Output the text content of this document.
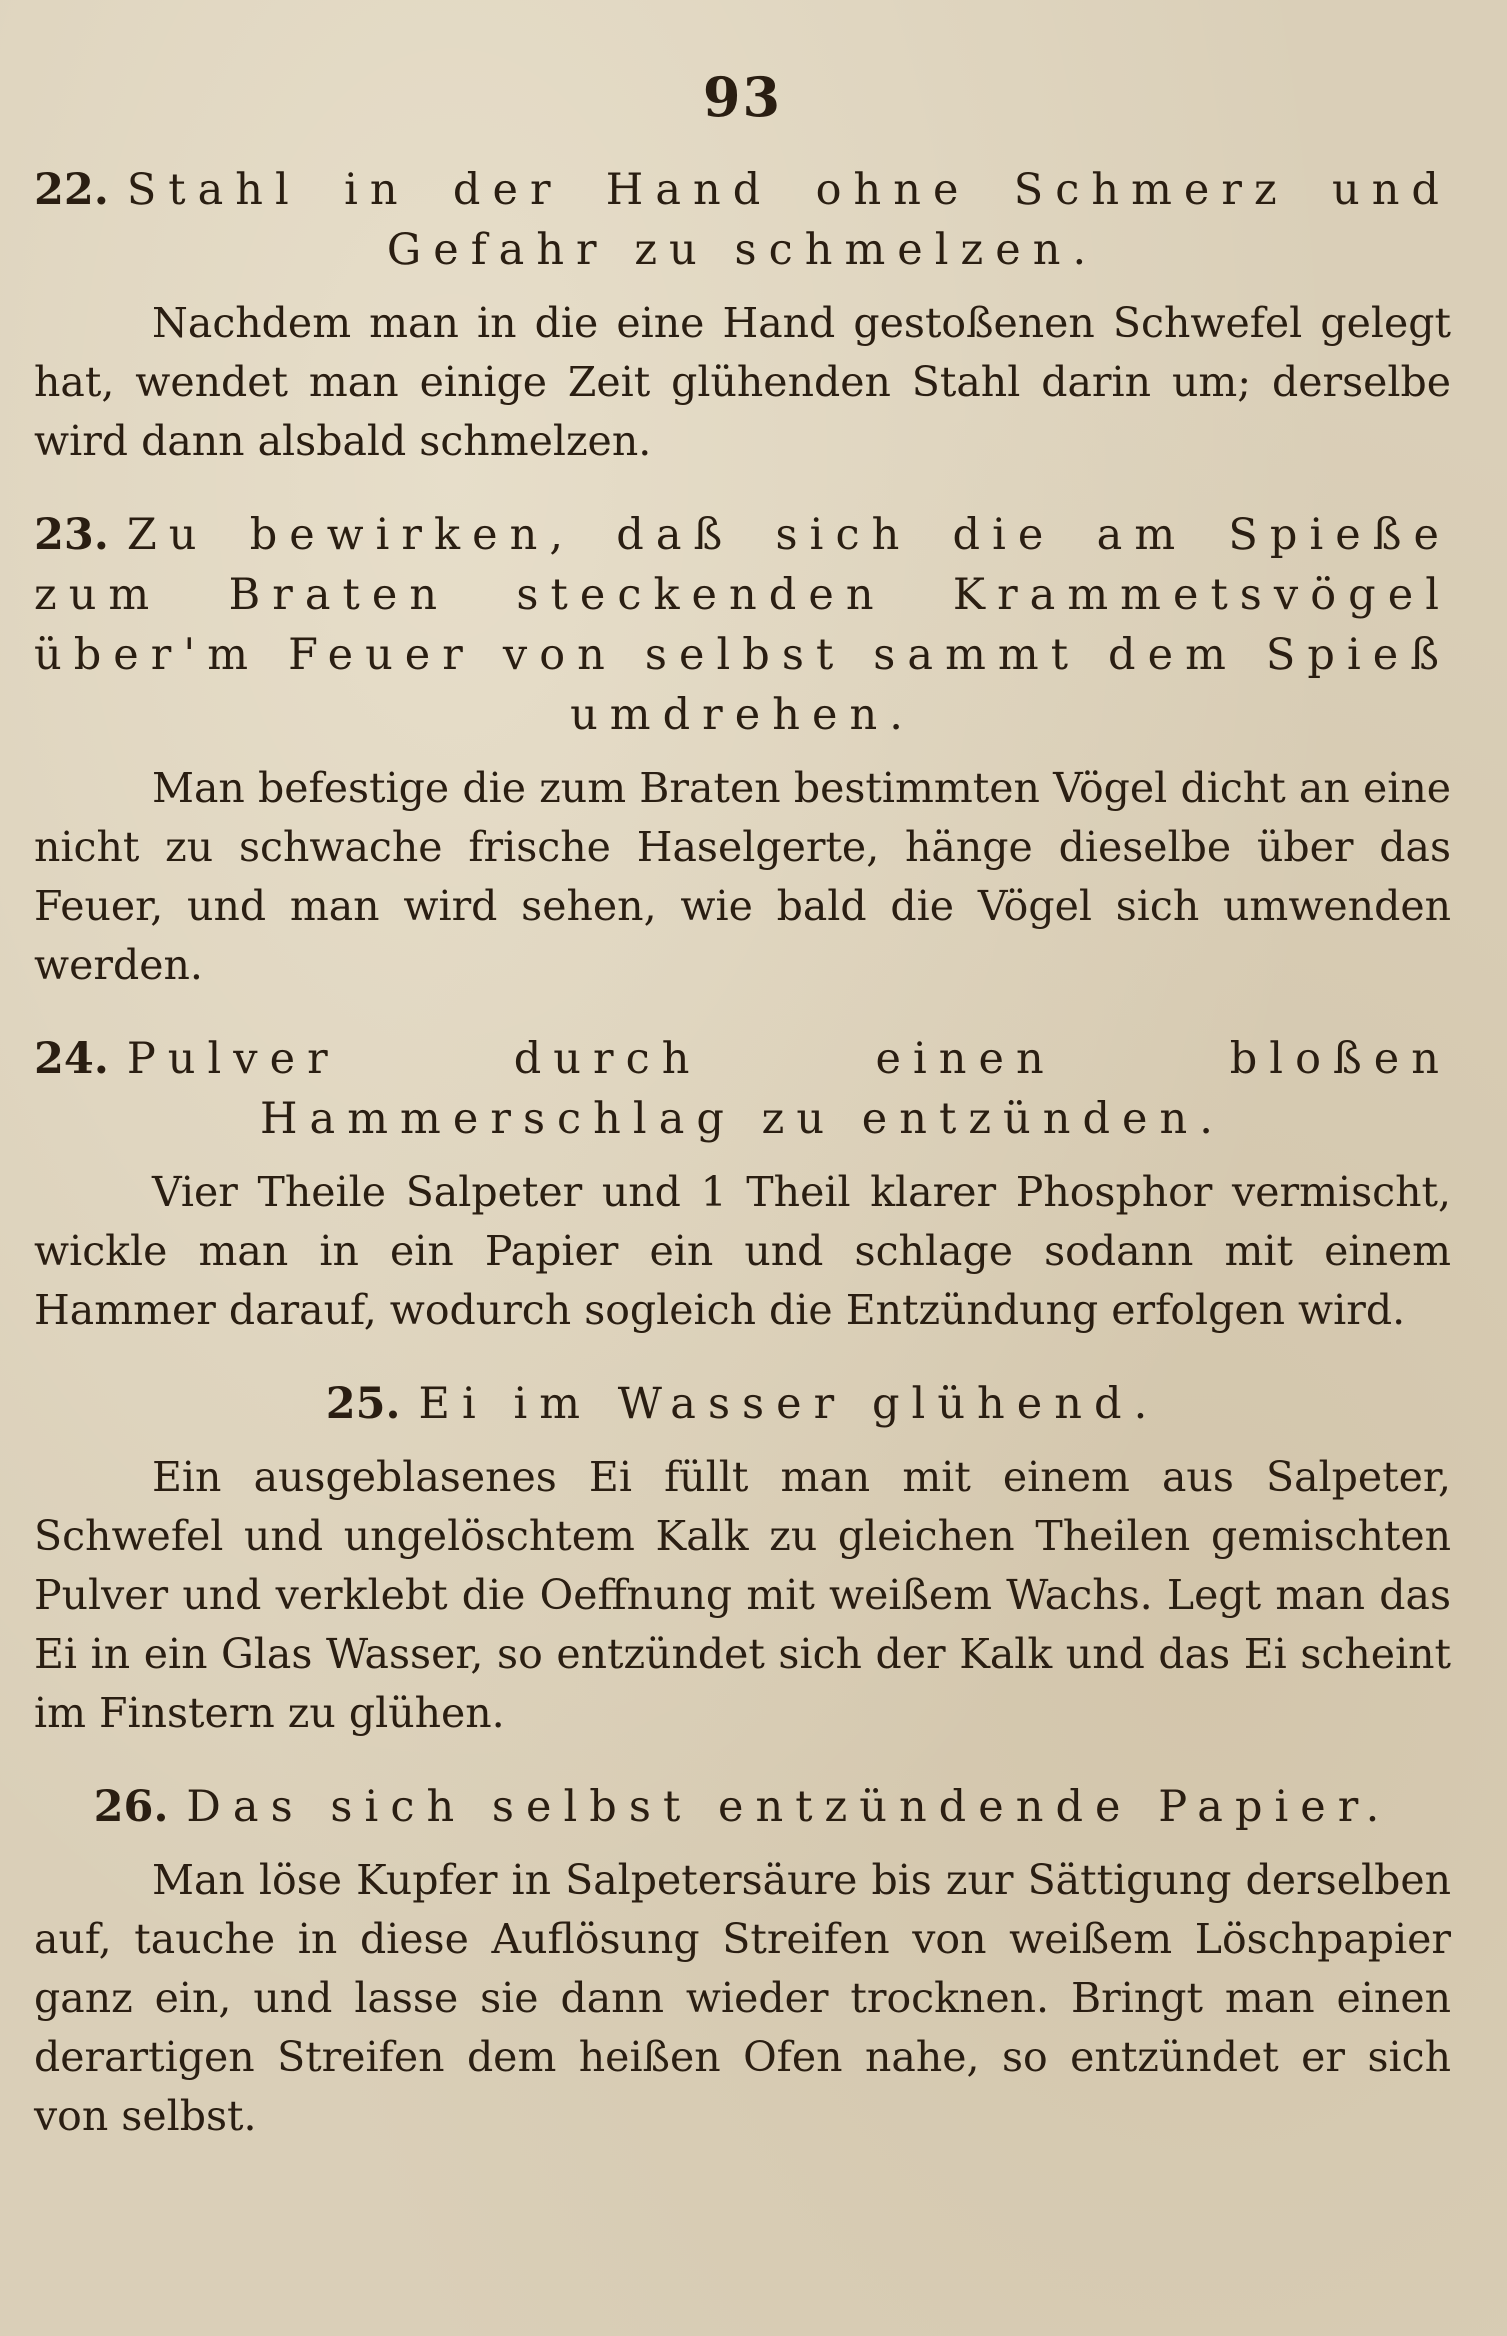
93

22. Stahl in der Hand ohne Schmerz und Gefahr zu schmelzen.

Nachdem man in die eine Hand gestoßenen Schwefel gelegt hat, wendet man einige Zeit glühenden Stahl darin um; derselbe wird dann alsbald schmelzen.

23. Zu bewirken, daß sich die am Spieße zum Braten steckenden Krammetsvögel über'm Feuer von selbst sammt dem Spieß umdrehen.

Man befestige die zum Braten bestimmten Vögel dicht an eine nicht zu schwache frische Haselgerte, hänge dieselbe über das Feuer, und man wird sehen, wie bald die Vögel sich umwenden werden.

24. Pulver durch einen bloßen Hammerschlag zu entzünden.

Vier Theile Salpeter und 1 Theil klarer Phosphor vermischt, wickle man in ein Papier ein und schlage sodann mit einem Hammer darauf, wodurch sogleich die Entzündung erfolgen wird.

25. Ei im Wasser glühend.

Ein ausgeblasenes Ei füllt man mit einem aus Salpeter, Schwefel und ungelöschtem Kalk zu gleichen Theilen gemischten Pulver und verklebt die Oeffnung mit weißem Wachs. Legt man das Ei in ein Glas Wasser, so entzündet sich der Kalk und das Ei scheint im Finstern zu glühen.

26. Das sich selbst entzündende Papier.

Man löse Kupfer in Salpetersäure bis zur Sättigung derselben auf, tauche in diese Auflösung Streifen von weißem Löschpapier ganz ein, und lasse sie dann wieder trocknen. Bringt man einen derartigen Streifen dem heißen Ofen nahe, so entzündet er sich von selbst.
